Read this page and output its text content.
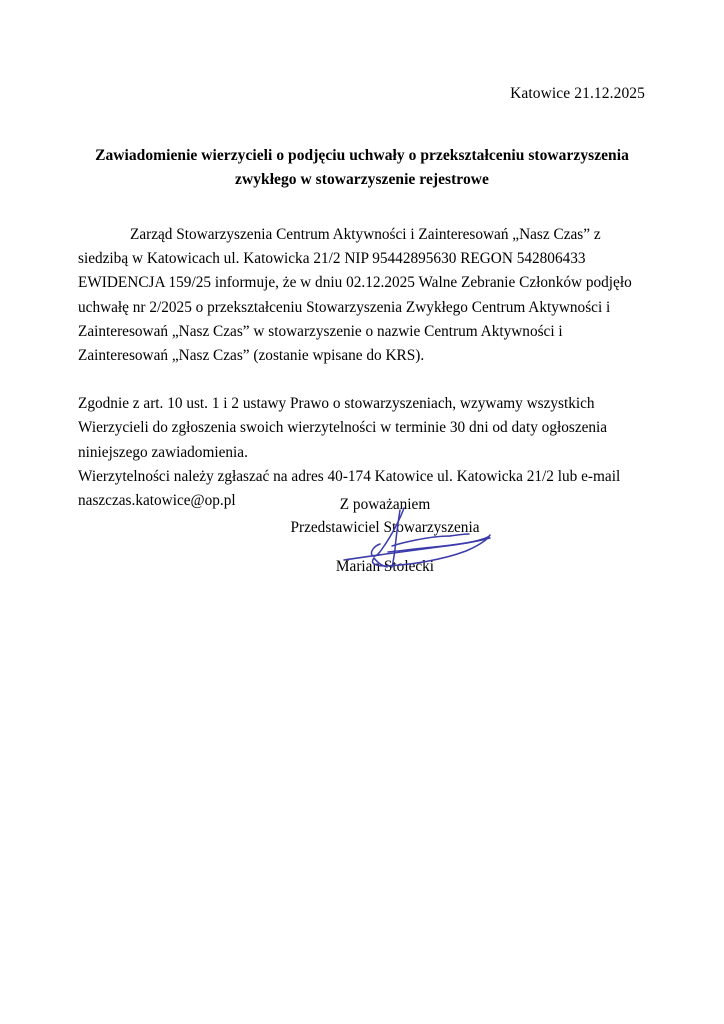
Katowice 21.12.2025
Zawiadomienie wierzycieli o podjęciu uchwały o przekształceniu stowarzyszenia
zwykłego w stowarzyszenie rejestrowe

Zarząd Stowarzyszenia Centrum Aktywności i Zainteresowań „Nasz Czas” z siedzibą w Katowicach ul. Katowicka 21/2 NIP 95442895630 REGON 542806433 EWIDENCJA 159/25 informuje, że w dniu 02.12.2025 Walne Zebranie Członków podjęło uchwałę nr 2/2025 o przekształceniu Stowarzyszenia Zwykłego Centrum Aktywności i Zainteresowań „Nasz Czas” w stowarzyszenie o nazwie Centrum Aktywności i Zainteresowań „Nasz Czas” (zostanie wpisane do KRS).

Zgodnie z art. 10 ust. 1 i 2 ustawy Prawo o stowarzyszeniach, wzywamy wszystkich Wierzycieli do zgłoszenia swoich wierzytelności w terminie 30 dni od daty ogłoszenia niniejszego zawiadomienia.

Wierzytelności należy zgłaszać na adres 40-174 Katowice ul. Katowicka 21/2 lub e-mail naszczas.katowice@op.pl	Z poważaniem
Przedstawiciel Stowarzyszenia
Marian Stolecki
